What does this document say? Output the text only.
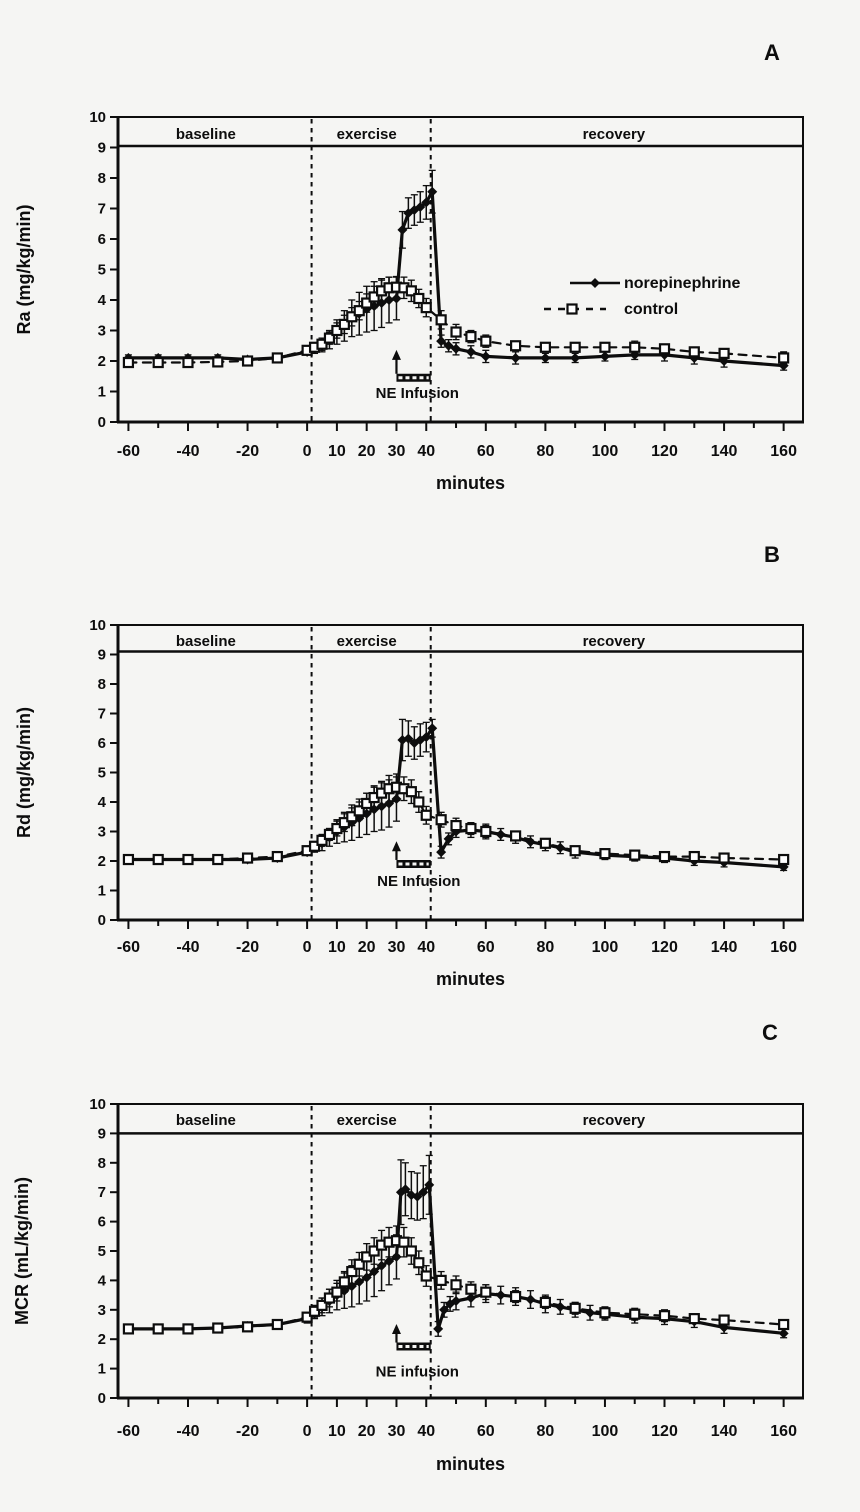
A
baseline	exercise	recovery
-60 -40 -20	0 10 20 30 40	60	80 100 120 140 160
0
1
2
3
4
5
6
7
8
9
10
NE Infusion
norepinephrine
control
Ra (mg/kg/min)
minutes
B
baseline	exercise	recovery
-60 -40 -20	0 10 20 30 40	60	80 100 120 140 160
0
1
2
3
4
5
6
7
8
9
10
NE Infusion
Rd (mg/kg/min)
minutes
C
baseline	exercise	recovery
-60 -40 -20	0 10 20 30 40	60	80 100 120 140 160
0
1
2
3
4
5
6
7
8
9
10
NE infusion
MCR (mL/kg/min)
minutes
